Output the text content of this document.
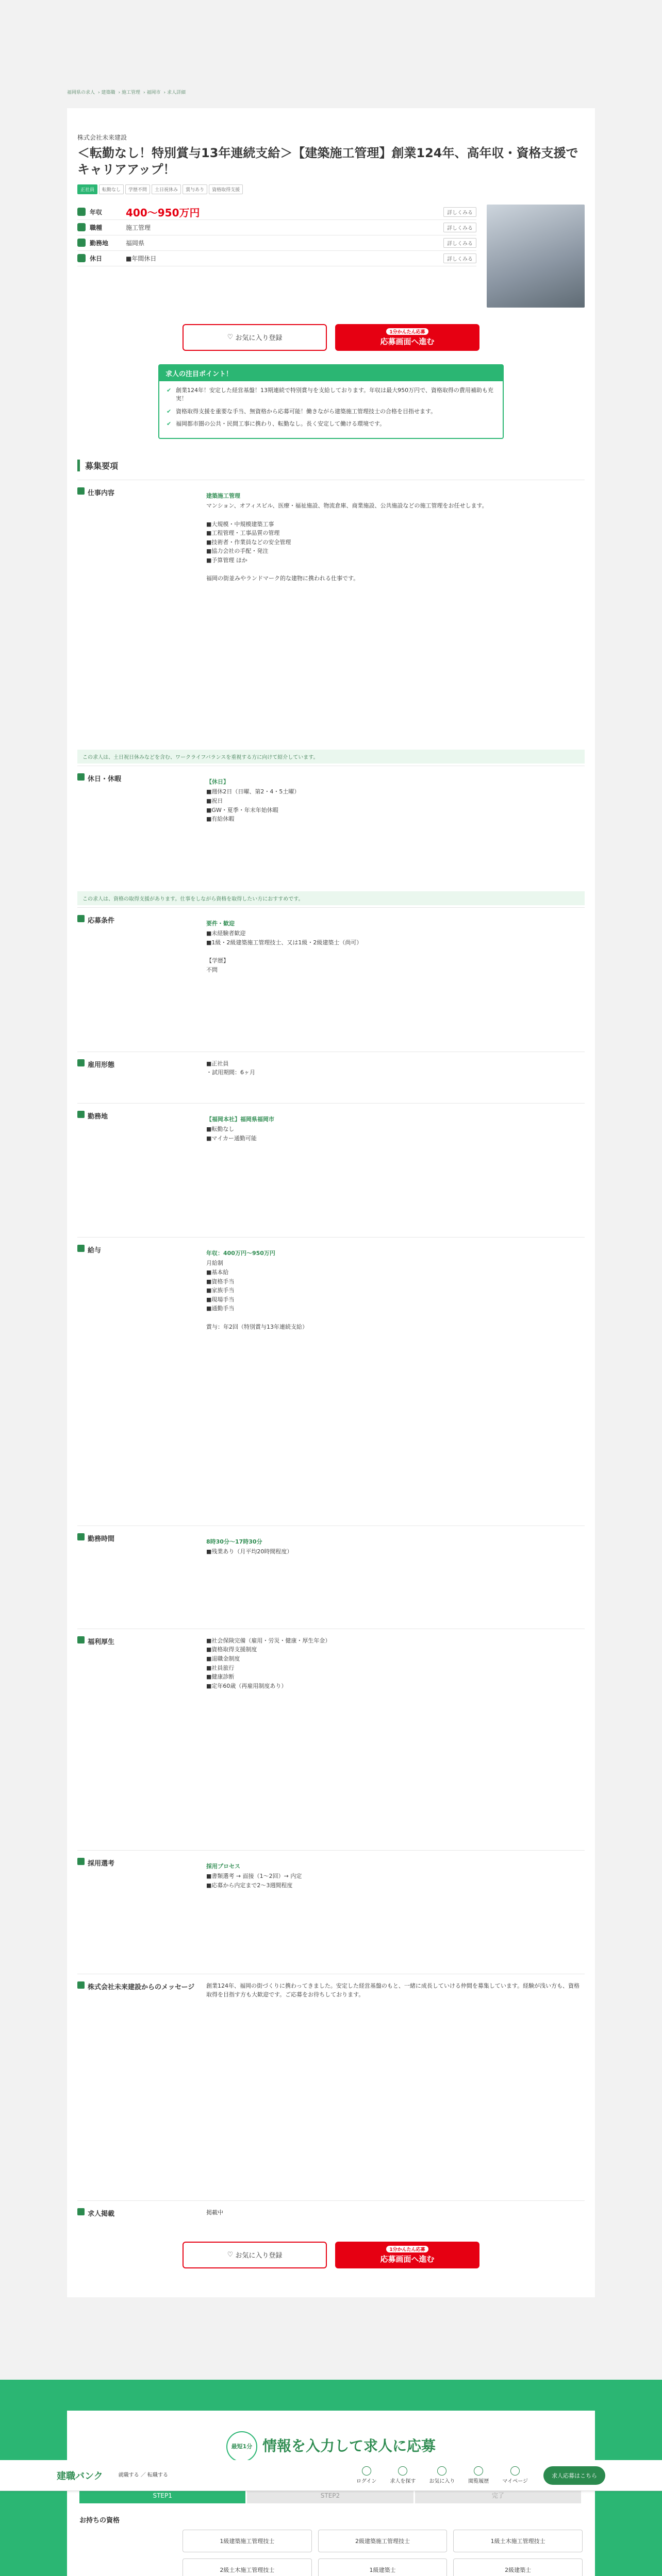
福岡県の求人 › 建築職 › 施工管理 › 福岡市 › 求人詳細
株式会社未来建設
＜転勤なし！特別賞与13年連続支給＞【建築施工管理】創業124年、高年収・資格支援でキャリアアップ！
正社員 転勤なし 学歴不問 土日祝休み 賞与あり 資格取得支援
年収	400〜950万円	詳しくみる
職種	施工管理	詳しくみる
勤務地	福岡県	詳しくみる
休日	■年間休日	詳しくみる
♡ お気に入り登録
1分かんたん応募
応募画面へ進む
求人の注目ポイント！
✔ 創業124年！安定した経営基盤！13期連続で特別賞与を支給しております。年収は最大950万円で、資格取得の費用補助も充実！
✔ 資格取得支援を重要な手当、無資格から応募可能！働きながら建築施工管理技士の合格を目指せます。
✔ 福岡都市圏の公共・民間工事に携わり、転勤なし。長く安定して働ける環境です。
募集要項
仕事内容	建築施工管理
マンション、オフィスビル、医療・福祉施設、物流倉庫、商業施設、公共施設などの施工管理をお任せします。

■大規模・中規模建築工事
■工程管理・工事品質の管理
■技術者・作業員などの安全管理
■協力会社の手配・発注
■予算管理 ほか

福岡の街並みやランドマーク的な建物に携われる仕事です。
この求人は、土日祝日休みなどを含む、ワークライフバランスを重視する方に向けて紹介しています。
休日・休暇	【休日】
■週休2日（日曜、第2・4・5土曜）
■祝日
■GW・夏季・年末年始休暇
■有給休暇
この求人は、資格の取得支援があります。仕事をしながら資格を取得したい方におすすめです。
応募条件	要件・歓迎
■未経験者歓迎
■1級・2級建築施工管理技士、又は1級・2級建築士（尚可）

【学歴】
不問
雇用形態	■正社員
・試用期間：6ヶ月
勤務地	【福岡本社】福岡県福岡市
■転勤なし
■マイカー通勤可能
給与	年収：400万円〜950万円
月給制
■基本給
■資格手当
■家族手当
■現場手当
■通勤手当

賞与：年2回（特別賞与13年連続支給）
勤務時間	8時30分〜17時30分
■残業あり（月平均20時間程度）
福利厚生	■社会保険完備（雇用・労災・健康・厚生年金）
■資格取得支援制度
■退職金制度
■社員旅行
■健康診断
■定年60歳（再雇用制度あり）
採用選考	採用プロセス
■書類選考 → 面接（1〜2回）→ 内定
■応募から内定まで2〜3週間程度
株式会社未来建設からのメッセージ 創業124年、福岡の街づくりに携わってきました。安定した経営基盤のもと、一緒に成長していける仲間を募集しています。経験が浅い方も、資格取得を目指す方も大歓迎です。ご応募をお待ちしております。
求人掲載	掲載中
♡ お気に入り登録
1分かんたん応募
応募画面へ進む
建職バンク	就職する ／ 転職する
ログイン	求人を探す	お気に入り	閲覧履歴	マイページ
求人応募はこちら
最短1分 情報を入力して求人に応募
STEP1	STEP2	完了
お持ちの資格
1級建築施工管理技士	2級建築施工管理技士	1級土木施工管理技士
2級土木施工管理技士	1級建築士	2級建築士
